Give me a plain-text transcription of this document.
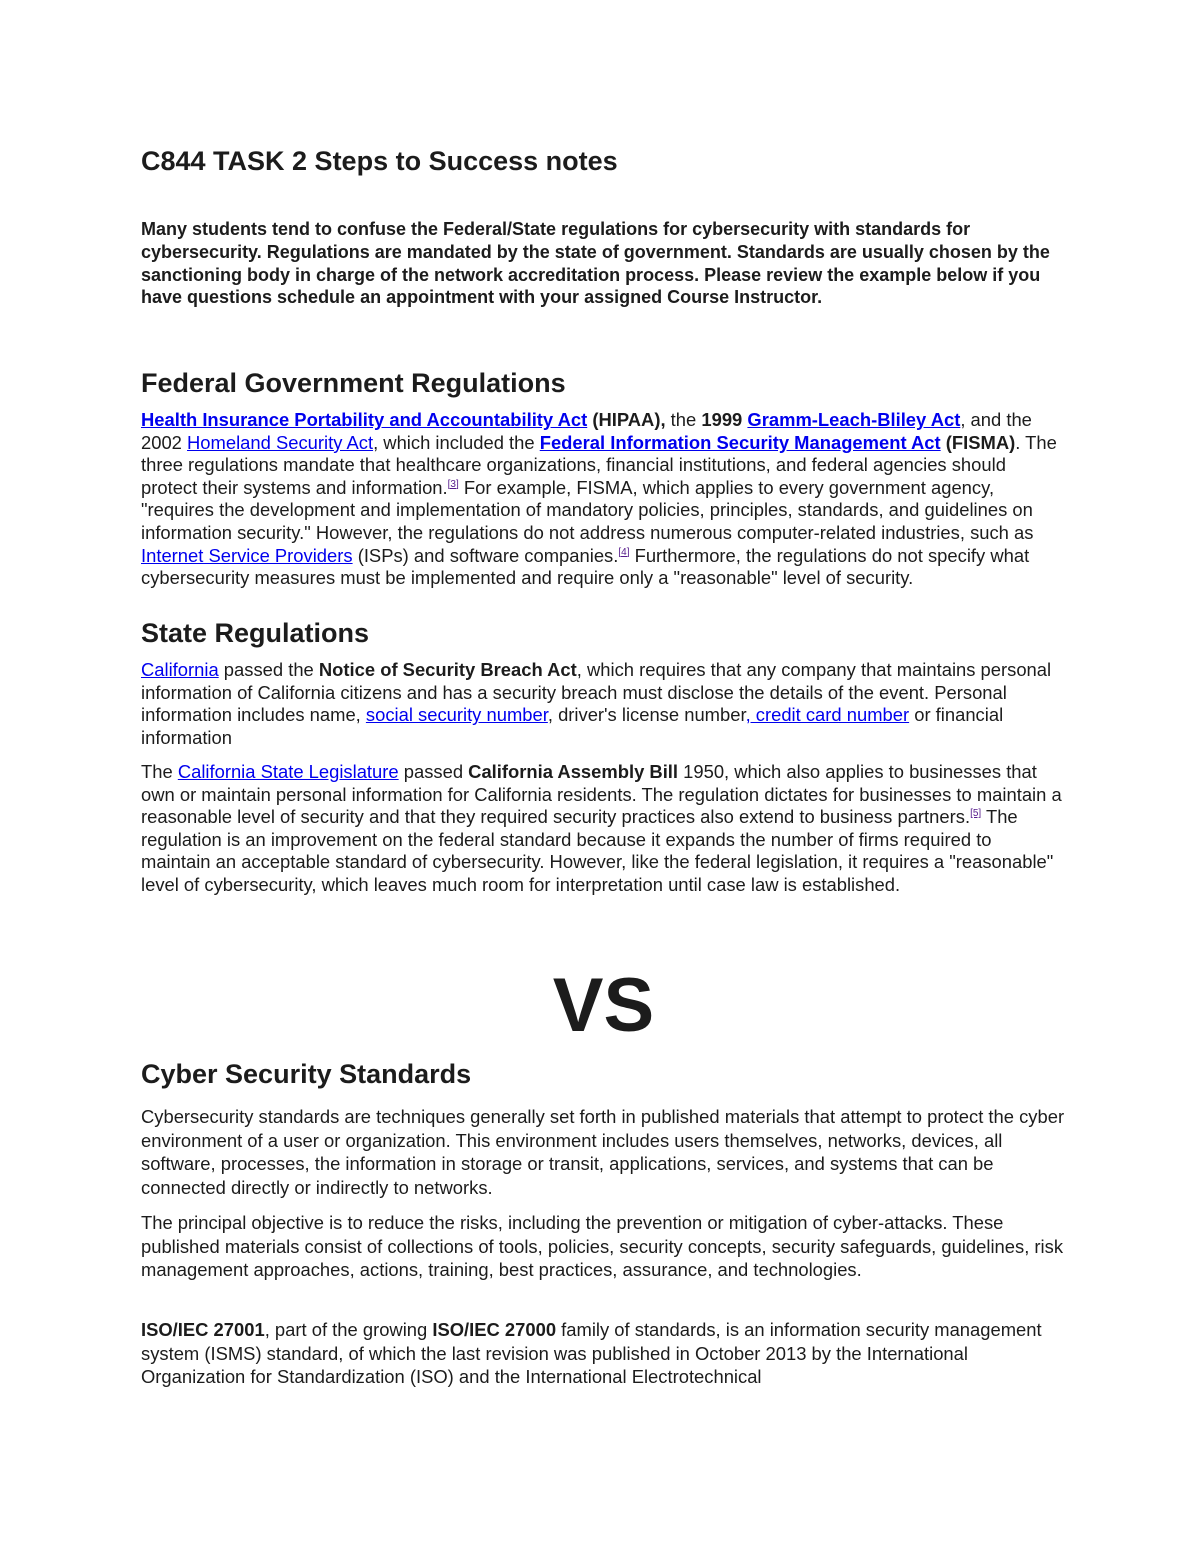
C844 TASK 2 Steps to Success notes

Many students tend to confuse the Federal/State regulations for cybersecurity with standards for cybersecurity. Regulations are mandated by the state of government. Standards are usually chosen by the sanctioning body in charge of the network accreditation process. Please review the example below if you have questions schedule an appointment with your assigned Course Instructor.

Federal Government Regulations

Health Insurance Portability and Accountability Act (HIPAA), the 1999 Gramm-Leach-Bliley Act, and the 2002 Homeland Security Act, which included the Federal Information Security Management Act (FISMA). The three regulations mandate that healthcare organizations, financial institutions, and federal agencies should protect their systems and information.[3] For example, FISMA, which applies to every government agency, "requires the development and implementation of mandatory policies, principles, standards, and guidelines on information security." However, the regulations do not address numerous computer-related industries, such as Internet Service Providers (ISPs) and software companies.[4] Furthermore, the regulations do not specify what cybersecurity measures must be implemented and require only a "reasonable" level of security.

State Regulations

California passed the Notice of Security Breach Act, which requires that any company that maintains personal information of California citizens and has a security breach must disclose the details of the event. Personal information includes name, social security number, driver's license number, credit card number or financial information

The California State Legislature passed California Assembly Bill 1950, which also applies to businesses that own or maintain personal information for California residents. The regulation dictates for businesses to maintain a reasonable level of security and that they required security practices also extend to business partners.[5] The regulation is an improvement on the federal standard because it expands the number of firms required to maintain an acceptable standard of cybersecurity. However, like the federal legislation, it requires a "reasonable" level of cybersecurity, which leaves much room for interpretation until case law is established.

VS
Cyber Security Standards

Cybersecurity standards are techniques generally set forth in published materials that attempt to protect the cyber environment of a user or organization. This environment includes users themselves, networks, devices, all software, processes, the information in storage or transit, applications, services, and systems that can be connected directly or indirectly to networks.

The principal objective is to reduce the risks, including the prevention or mitigation of cyber-attacks. These published materials consist of collections of tools, policies, security concepts, security safeguards, guidelines, risk management approaches, actions, training, best practices, assurance, and technologies.

ISO/IEC 27001, part of the growing ISO/IEC 27000 family of standards, is an information security management system (ISMS) standard, of which the last revision was published in October 2013 by the International Organization for Standardization (ISO) and the International Electrotechnical
